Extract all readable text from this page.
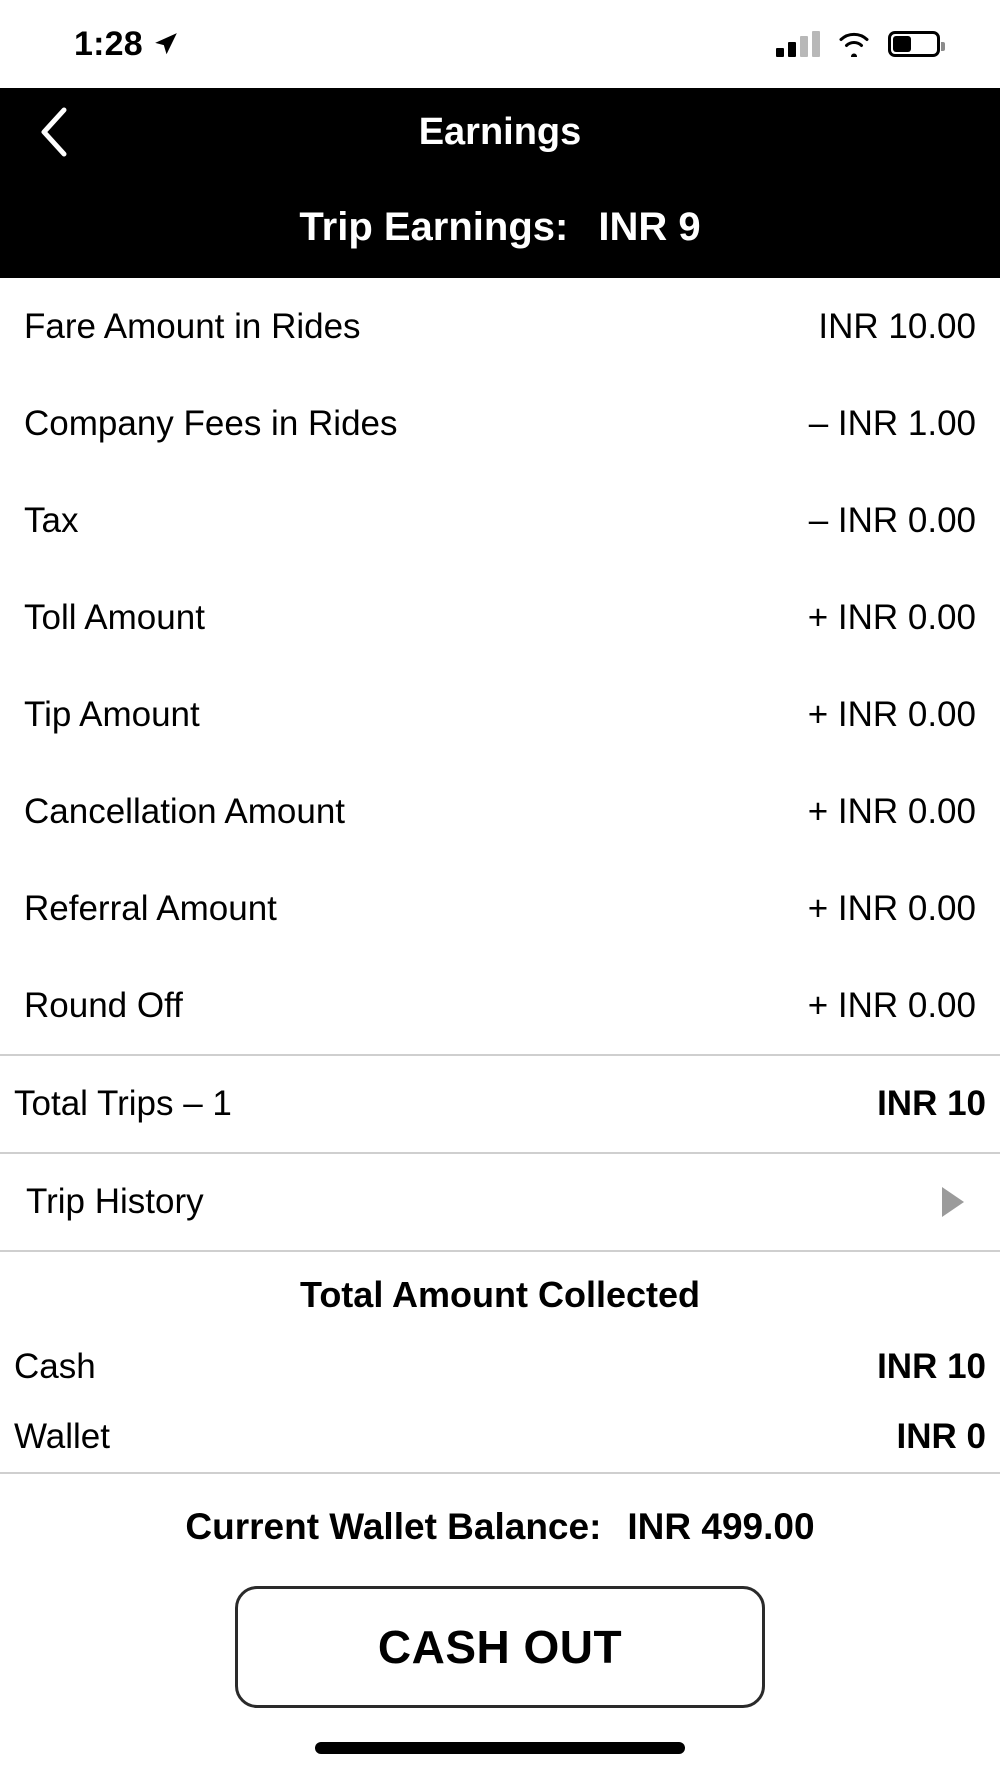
1:28
Earnings
Trip Earnings: INR 9
Fare Amount in Rides	INR 10.00
Company Fees in Rides	– INR 1.00
Tax	– INR 0.00
Toll Amount	+ INR 0.00
Tip Amount	+ INR 0.00
Cancellation Amount	+ INR 0.00
Referral Amount	+ INR 0.00
Round Off	+ INR 0.00
Total Trips – 1	INR 10
Trip History
Total Amount Collected
Cash	INR 10
Wallet	INR 0
Current Wallet Balance: INR 499.00
CASH OUT
